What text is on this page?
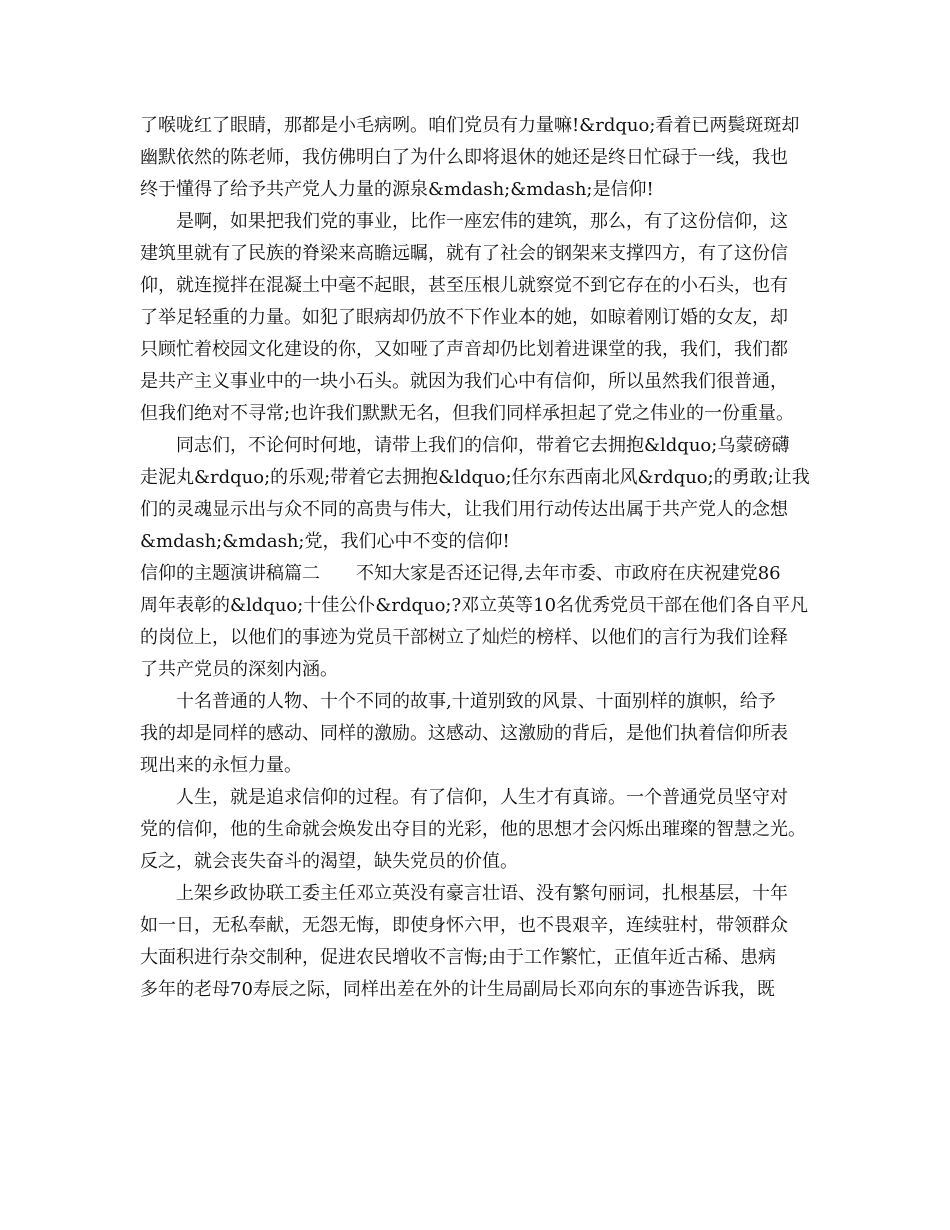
了喉咙红了眼睛，那都是小毛病咧。咱们党员有力量嘛!&rdquo;看着已两鬓斑斑却
幽默依然的陈老师，我仿佛明白了为什么即将退休的她还是终日忙碌于一线，我也
终于懂得了给予共产党人力量的源泉&mdash;&mdash;是信仰!
　　是啊，如果把我们党的事业，比作一座宏伟的建筑，那么，有了这份信仰，这
建筑里就有了民族的脊梁来高瞻远瞩，就有了社会的钢架来支撑四方，有了这份信
仰，就连搅拌在混凝土中毫不起眼，甚至压根儿就察觉不到它存在的小石头，也有
了举足轻重的力量。如犯了眼病却仍放不下作业本的她，如晾着刚订婚的女友，却
只顾忙着校园文化建设的你，又如哑了声音却仍比划着进课堂的我，我们，我们都
是共产主义事业中的一块小石头。就因为我们心中有信仰，所以虽然我们很普通，
但我们绝对不寻常;也许我们默默无名，但我们同样承担起了党之伟业的一份重量。
　　同志们，不论何时何地，请带上我们的信仰，带着它去拥抱&ldquo;乌蒙磅礴
走泥丸&rdquo;的乐观;带着它去拥抱&ldquo;任尔东西南北风&rdquo;的勇敢;让我
们的灵魂显示出与众不同的高贵与伟大，让我们用行动传达出属于共产党人的念想
&mdash;&mdash;党，我们心中不变的信仰!
信仰的主题演讲稿篇二　　不知大家是否还记得,去年市委、市政府在庆祝建党86
周年表彰的&ldquo;十佳公仆&rdquo;?邓立英等10名优秀党员干部在他们各自平凡
的岗位上，以他们的事迹为党员干部树立了灿烂的榜样、以他们的言行为我们诠释
了共产党员的深刻内涵。
　　十名普通的人物、十个不同的故事,十道别致的风景、十面别样的旗帜，给予
我的却是同样的感动、同样的激励。这感动、这激励的背后，是他们执着信仰所表
现出来的永恒力量。
　　人生，就是追求信仰的过程。有了信仰，人生才有真谛。一个普通党员坚守对
党的信仰，他的生命就会焕发出夺目的光彩，他的思想才会闪烁出璀璨的智慧之光。
反之，就会丧失奋斗的渴望，缺失党员的价值。
　　上架乡政协联工委主任邓立英没有豪言壮语、没有繁句丽词，扎根基层，十年
如一日，无私奉献，无怨无悔，即使身怀六甲，也不畏艰辛，连续驻村，带领群众
大面积进行杂交制种，促进农民增收不言悔;由于工作繁忙，正值年近古稀、患病
多年的老母70寿辰之际，同样出差在外的计生局副局长邓向东的事迹告诉我，既
